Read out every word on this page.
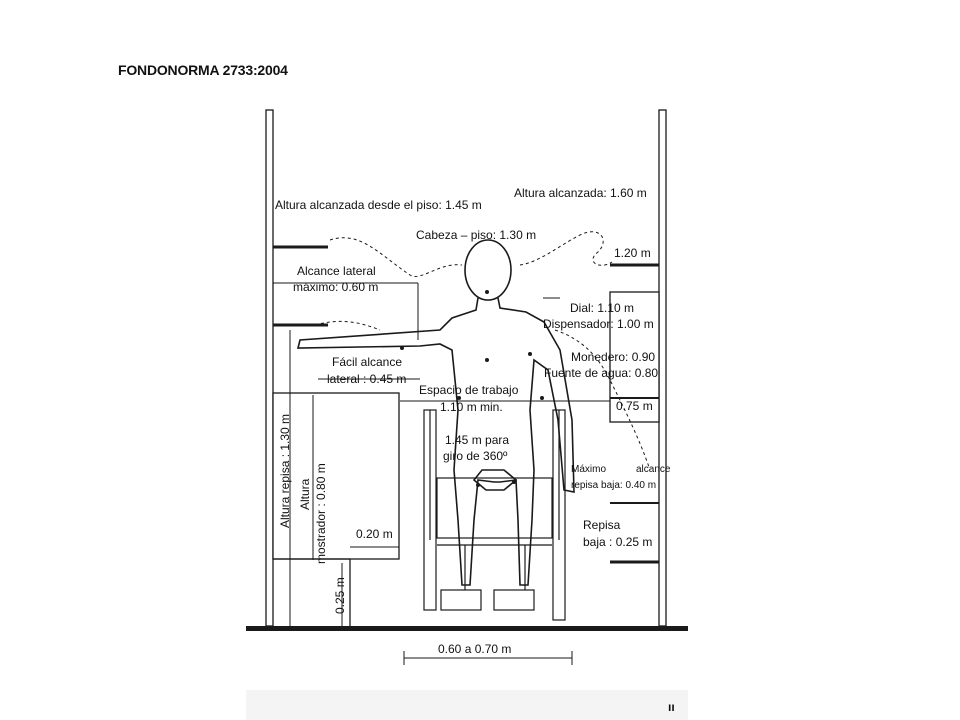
FONDONORMA 2733:2004
Altura alcanzada desde el piso: 1.45 m
Altura alcanzada: 1.60 m
Cabeza – piso: 1.30 m
Alcance lateral
máximo: 0.60 m
1.20 m
Dial: 1.10 m
Dispensador: 1.00 m
Fácil alcance
lateral : 0.45 m
Monedero: 0.90
Fuente de agua: 0.80
Espacio de trabajo
1.10 m min.	0.75 m
1.45 m para
giro de 360º
Máximo	alcance
repisa baja: 0.40 m
Repisa
baja : 0.25 m
0.20 m
0.60 a 0.70 m
Altura repisa : 1.30 m Altura mostrador : 0.80 m
0.25 m
ıı
